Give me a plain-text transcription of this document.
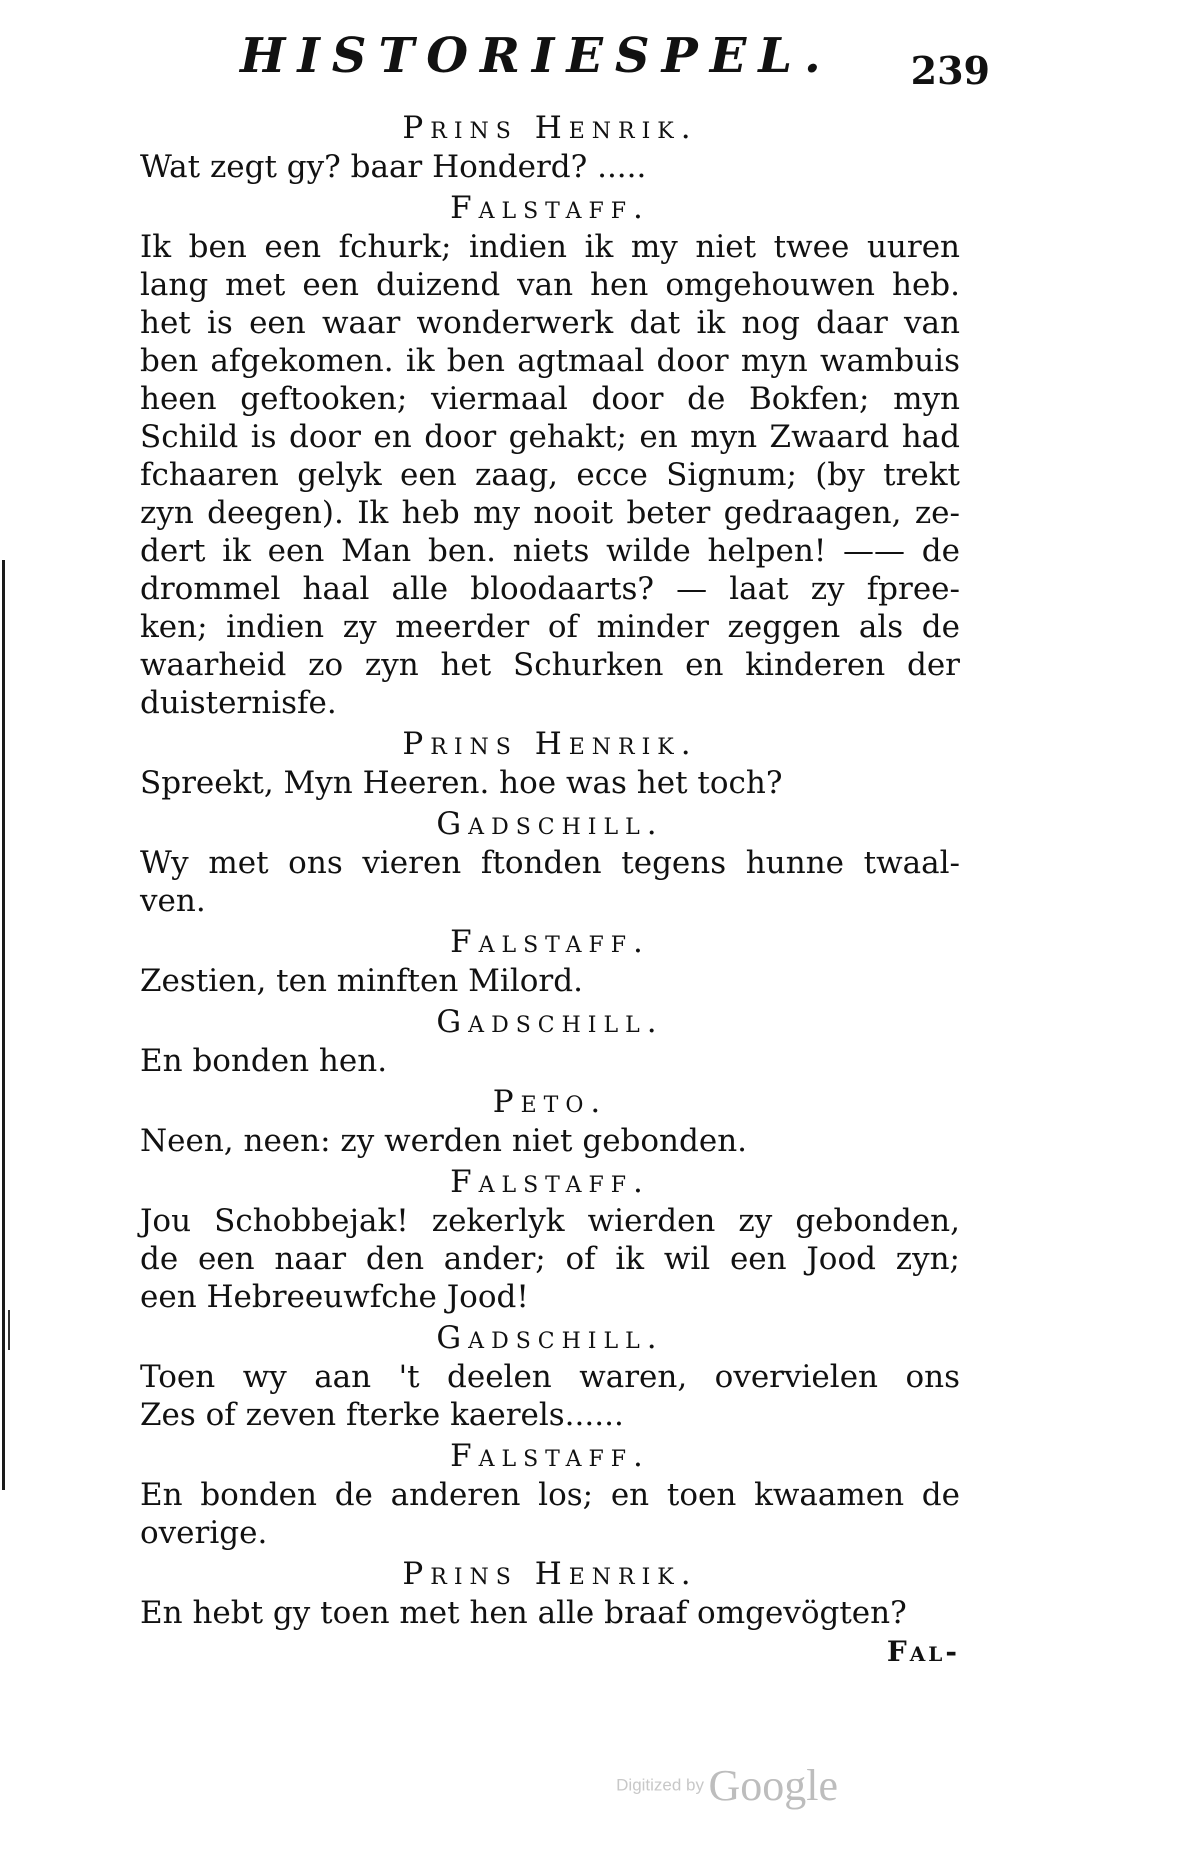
HISTORIESPEL. 239
Prins Henrik.
Wat zegt gy? baar Honderd? .....
Falstaff.
Ik ben een fchurk; indien ik my niet twee uuren
lang met een duizend van hen omgehouwen heb.
het is een waar wonderwerk dat ik nog daar van
ben afgekomen. ik ben agtmaal door myn wambuis
heen geftooken; viermaal door de Bokfen; myn
Schild is door en door gehakt; en myn Zwaard had
fchaaren gelyk een zaag, ecce Signum; (by trekt
zyn deegen). Ik heb my nooit beter gedraagen, ze-
dert ik een Man ben. niets wilde helpen! —— de
drommel haal alle bloodaarts? — laat zy fpree-
ken; indien zy meerder of minder zeggen als de
waarheid zo zyn het Schurken en kinderen der
duisternisfe.
Prins Henrik.
Spreekt, Myn Heeren. hoe was het toch?
Gadschill.
Wy met ons vieren ftonden tegens hunne twaal-
ven.
Falstaff.
Zestien, ten minften Milord.
Gadschill.
En bonden hen.
Peto.
Neen, neen: zy werden niet gebonden.
Falstaff.
Jou Schobbejak! zekerlyk wierden zy gebonden,
de een naar den ander; of ik wil een Jood zyn;
een Hebreeuwfche Jood!
Gadschill.
Toen wy aan 't deelen waren, overvielen ons
Zes of zeven fterke kaerels......
Falstaff.
En bonden de anderen los; en toen kwaamen de
overige.
Prins Henrik.
En hebt gy toen met hen alle braaf omgevögten?
Fal-
Digitized by Google
